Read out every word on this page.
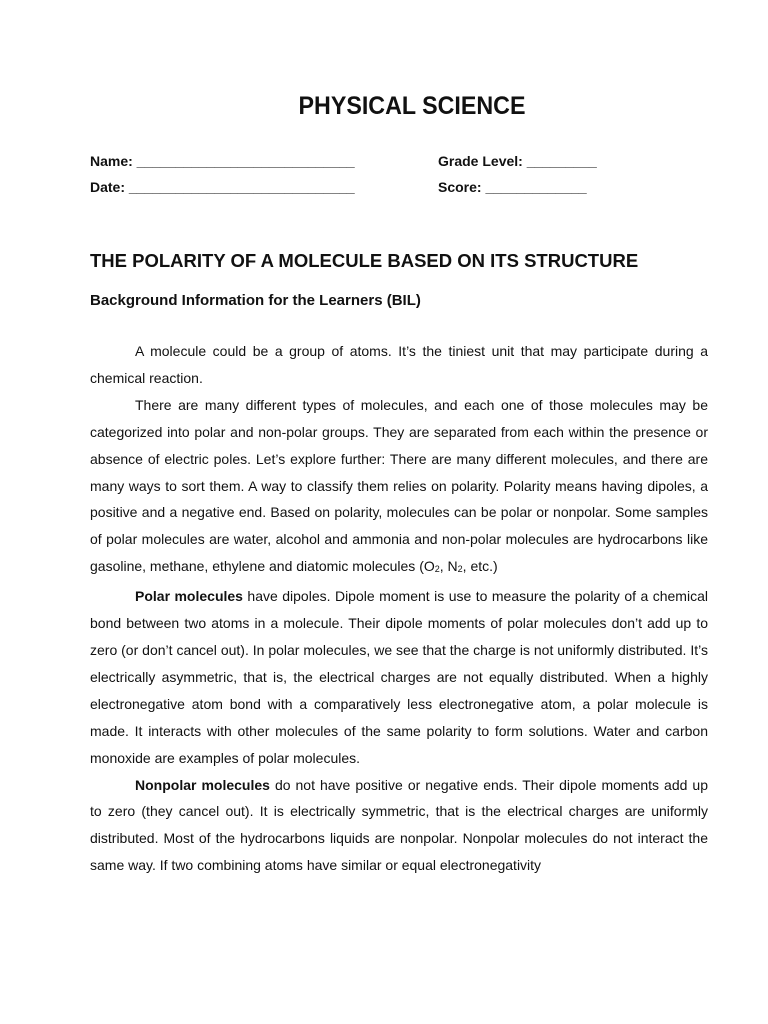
PHYSICAL SCIENCE
Name: ____________________________
Date: _____________________________
Grade Level: _________
Score: _____________
THE POLARITY OF A MOLECULE BASED ON ITS STRUCTURE
Background Information for the Learners (BIL)

A molecule could be a group of atoms. It’s the tiniest unit that may participate during a chemical reaction.

There are many different types of molecules, and each one of those molecules may be categorized into polar and non-polar groups. They are separated from each within the presence or absence of electric poles. Let’s explore further: There are many different molecules, and there are many ways to sort them. A way to classify them relies on polarity. Polarity means having dipoles, a positive and a negative end. Based on polarity, molecules can be polar or nonpolar. Some samples of polar molecules are water, alcohol and ammonia and non-polar molecules are hydrocarbons like gasoline, methane, ethylene and diatomic molecules ($O_2$, $N_2$, etc.)

Polar molecules have dipoles. Dipole moment is use to measure the polarity of a chemical bond between two atoms in a molecule. Their dipole moments of polar molecules don’t add up to zero (or don’t cancel out). In polar molecules, we see that the charge is not uniformly distributed. It’s electrically asymmetric, that is, the electrical charges are not equally distributed. When a highly electronegative atom bond with a comparatively less electronegative atom, a polar molecule is made. It interacts with other molecules of the same polarity to form solutions. Water and carbon monoxide are examples of polar molecules.

Nonpolar molecules do not have positive or negative ends. Their dipole moments add up to zero (they cancel out). It is electrically symmetric, that is the electrical charges are uniformly distributed. Most of the hydrocarbons liquids are nonpolar. Nonpolar molecules do not interact the same way. If two combining atoms have similar or equal electronegativity
